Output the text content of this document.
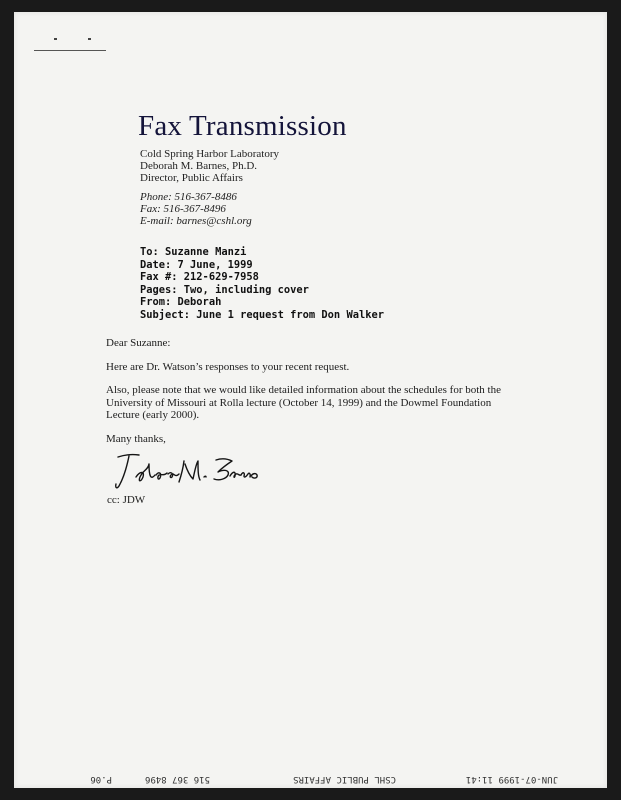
Fax Transmission
Cold Spring Harbor Laboratory
Deborah M. Barnes, Ph.D.
Director, Public Affairs
Phone: 516-367-8486
Fax: 516-367-8496
E-mail: barnes@cshl.org
To: Suzanne Manzi
Date: 7 June, 1999
Fax #: 212-629-7958
Pages: Two, including cover
From: Deborah
Subject: June 1 request from Don Walker

Dear Suzanne:

Here are Dr. Watson’s responses to your recent request.

Also, please note that we would like detailed information about the schedules for both the University of Missouri at Rolla lecture (October 14, 1999) and the Dowmel Foundation Lecture (early 2000).

Many thanks,

cc: JDW
JUN-07-1999 11:41
CSHL PUBLIC AFFAIRS
516 367 8496
P.06
